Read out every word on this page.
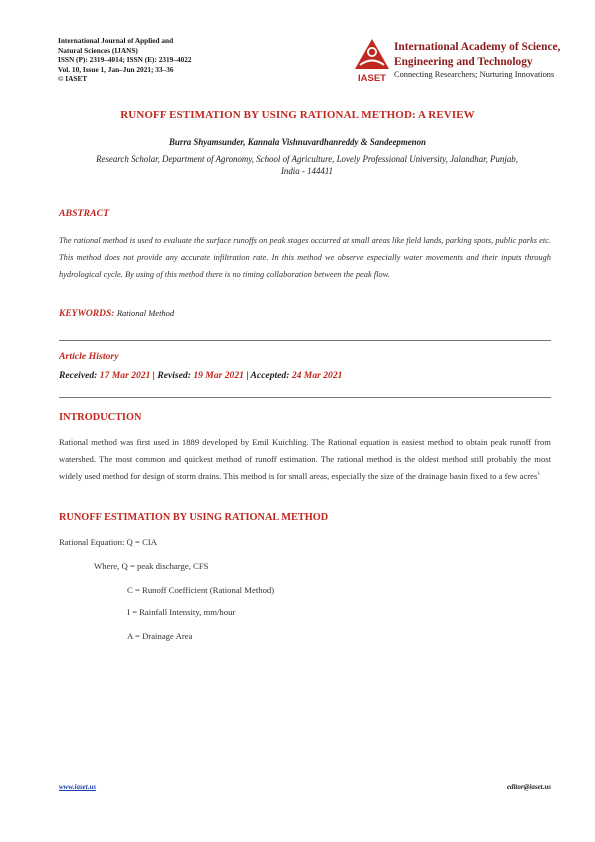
International Journal of Applied and
Natural Sciences (IJANS)
ISSN (P): 2319–4014; ISSN (E): 2319–4022
Vol. 10, Issue 1, Jan–Jun 2021; 33–36
© IASET	IASET
International Academy of Science,
Engineering and Technology
Connecting Researchers; Nurturing Innovations
RUNOFF ESTIMATION BY USING RATIONAL METHOD: A REVIEW
Burra Shyamsunder, Kannala Vishnuvardhanreddy & Sandeepmenon
Research Scholar, Department of Agronomy, School of Agriculture, Lovely Professional University, Jalandhar, Punjab,
India - 144411
ABSTRACT
The rational method is used to evaluate the surface runoffs on peak stages occurred at small areas like field lands, parking spots, public parks etc. This method does not provide any accurate infiltration rate. In this method we observe especially water movements and their inputs through hydrological cycle. By using of this method there is no timing collaboration between the peak flow.
KEYWORDS: Rational Method
Article History
Received: 17 Mar 2021 | Revised: 19 Mar 2021 | Accepted: 24 Mar 2021
INTRODUCTION
Rational method was first used in 1889 developed by Emil Kuichling. The Rational equation is easiest method to obtain peak runoff from watershed. The most common and quickest method of runoff estimation. The rational method is the oldest method still probably the most widely used method for design of storm drains. This method is for small areas, especially the size of the drainage basin fixed to a few acres$^1$
RUNOFF ESTIMATION BY USING RATIONAL METHOD
Rational Equation: Q = CIA
Where, Q = peak discharge, CFS
C = Runoff Coefficient (Rational Method)
I = Rainfall Intensity, mm/hour
A = Drainage Area
www.iaset.us	editor@iaset.us
